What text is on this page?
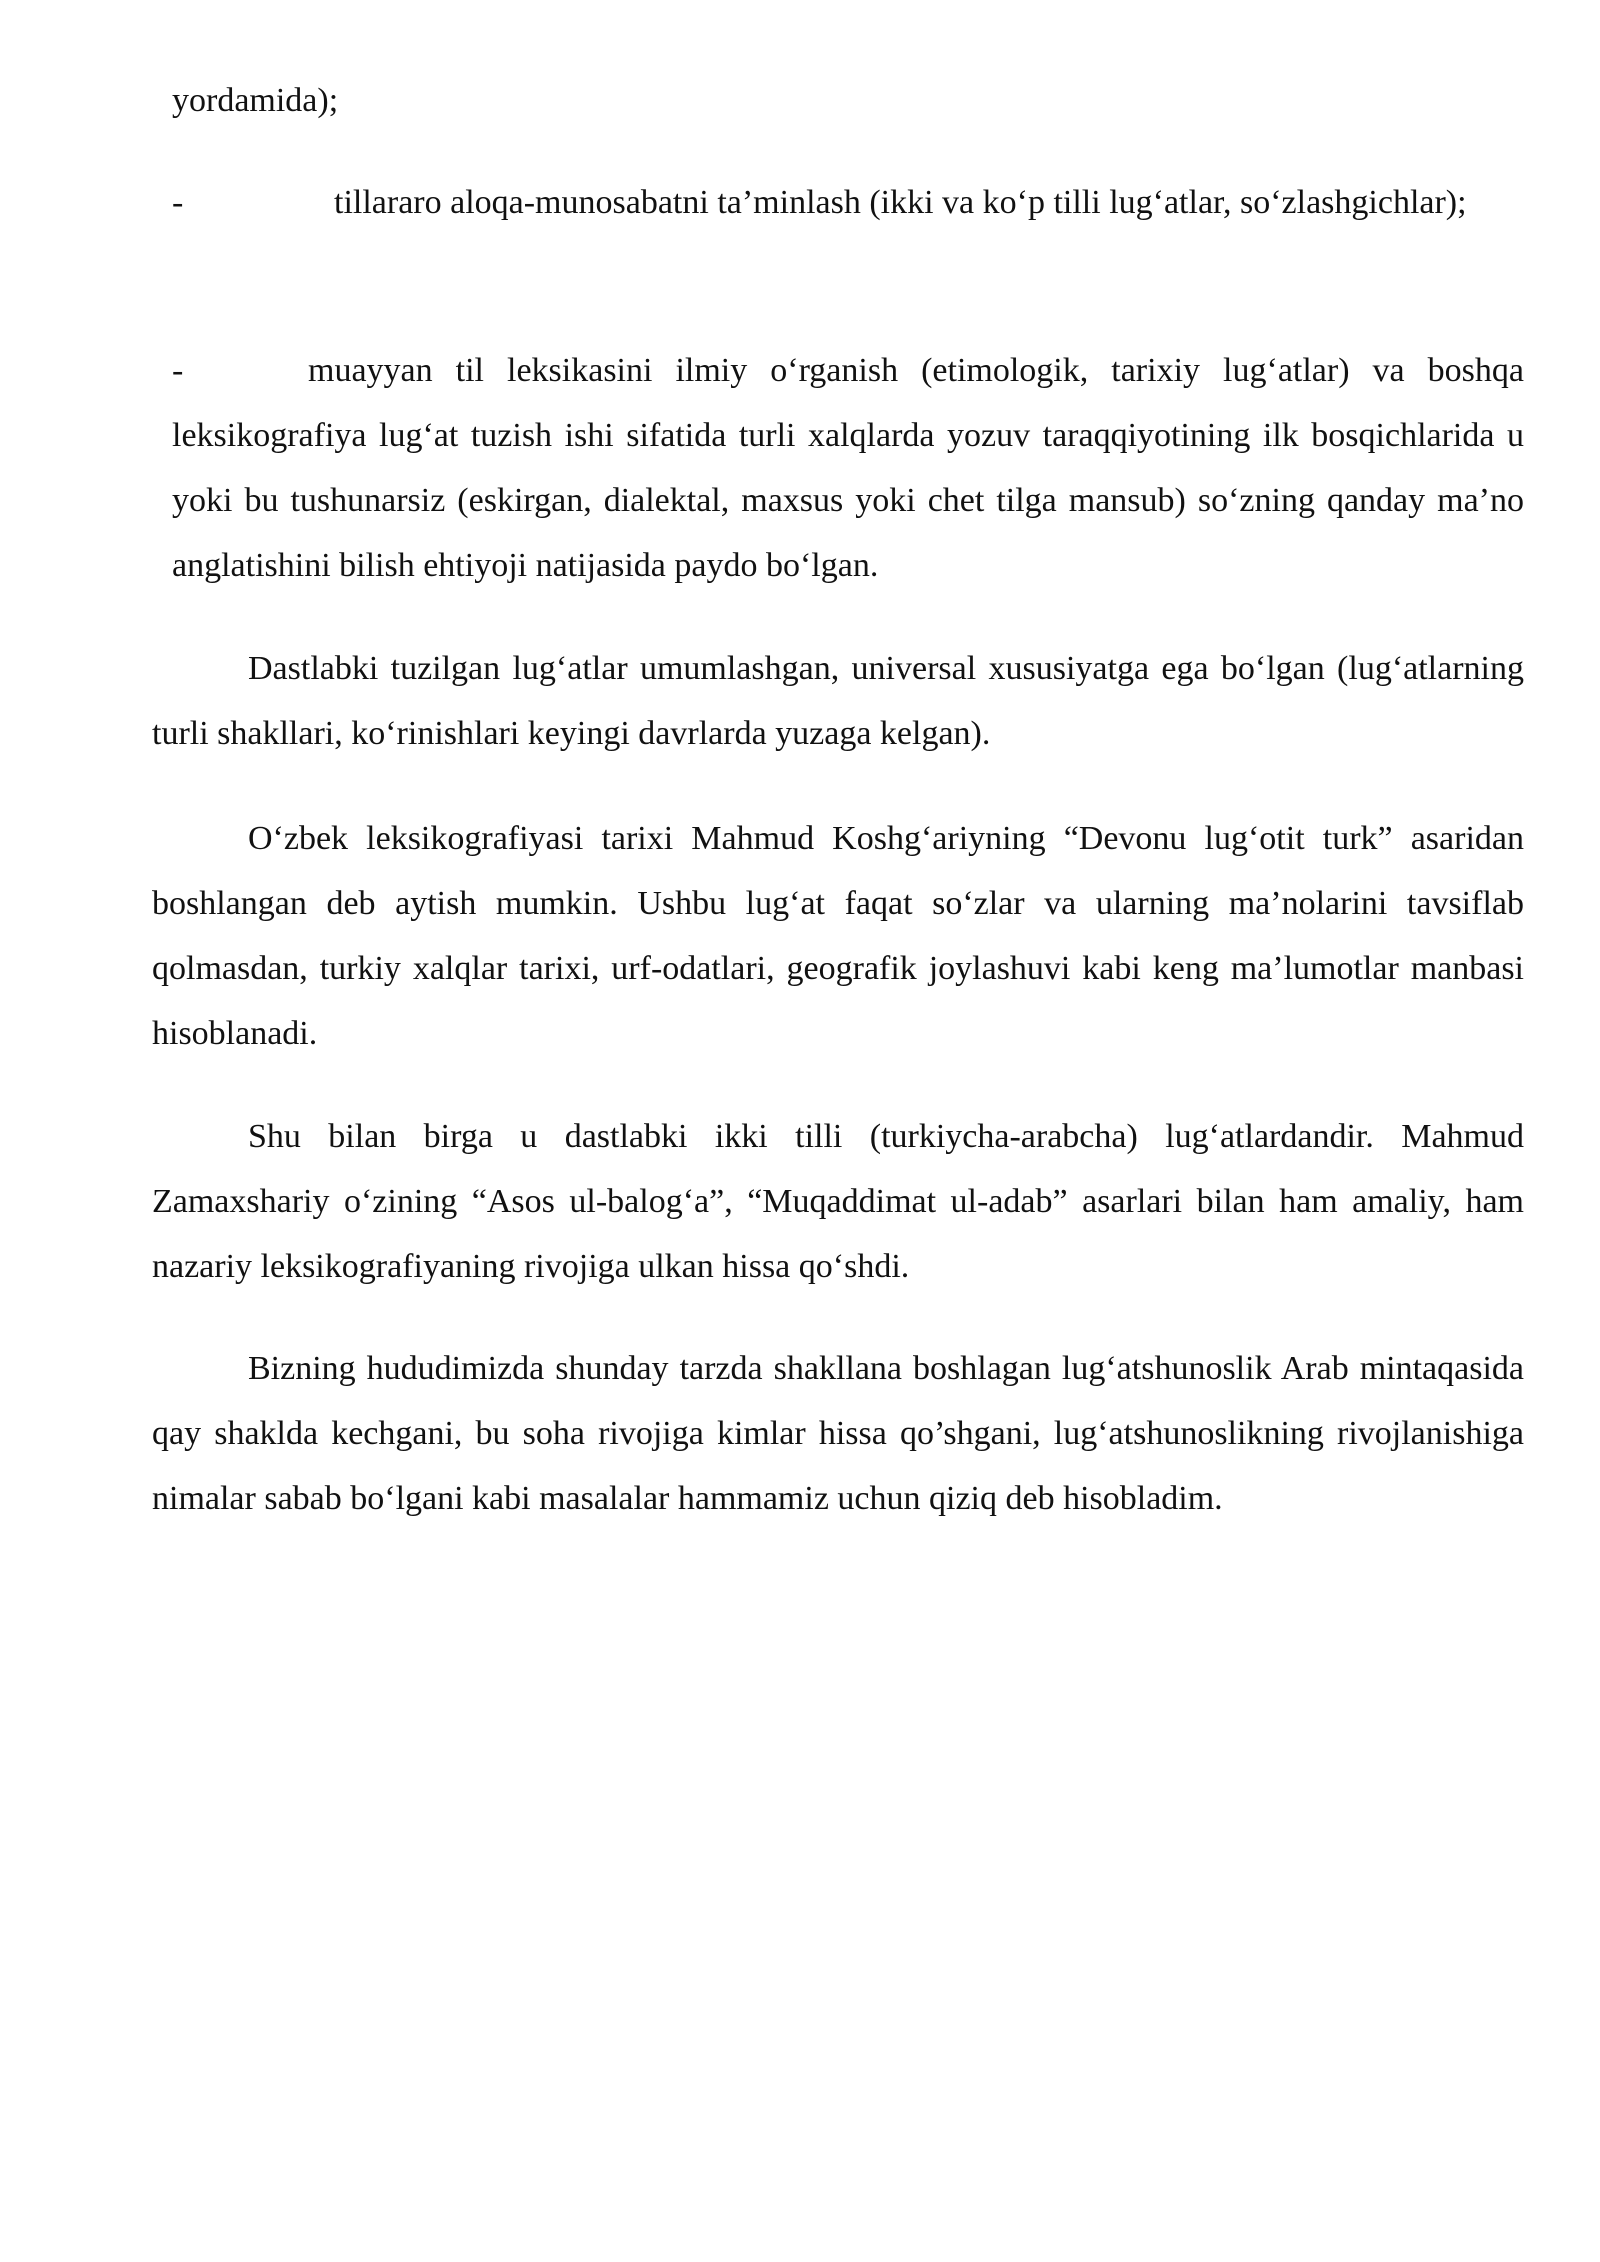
yordamida);
-	tillararo aloqa-munosabatni ta’minlash (ikki va ko‘p tilli lug‘atlar, so‘zlashgichlar);
-	muayyan til leksikasini ilmiy o‘rganish (etimologik, tarixiy lug‘atlar) va boshqa leksikografiya lug‘at tuzish ishi sifatida turli xalqlarda yozuv taraqqiyotining ilk bosqichlarida u yoki bu tushunarsiz (eskirgan, dialektal, maxsus yoki chet tilga mansub) so‘zning qanday ma’no anglatishini bilish ehtiyoji natijasida paydo bo‘lgan.

Dastlabki tuzilgan lug‘atlar umumlashgan, universal xususiyatga ega bo‘lgan (lug‘atlarning turli shakllari, ko‘rinishlari keyingi davrlarda yuzaga kelgan).

O‘zbek leksikografiyasi tarixi Mahmud Koshg‘ariyning “Devonu lug‘otit turk” asaridan boshlangan deb aytish mumkin. Ushbu lug‘at faqat so‘zlar va ularning ma’nolarini tavsiflab qolmasdan, turkiy xalqlar tarixi, urf-odatlari, geografik joylashuvi kabi keng ma’lumotlar manbasi hisoblanadi.

Shu bilan birga u dastlabki ikki tilli (turkiycha-arabcha) lug‘atlardandir. Mahmud Zamaxshariy o‘zining “Asos ul-balog‘a”, “Muqaddimat ul-adab” asarlari bilan ham amaliy, ham nazariy leksikografiyaning rivojiga ulkan hissa qo‘shdi.

Bizning hududimizda shunday tarzda shakllana boshlagan lug‘atshunoslik Arab mintaqasida qay shaklda kechgani, bu soha rivojiga kimlar hissa qo’shgani, lug‘atshunoslikning rivojlanishiga nimalar sabab bo‘lgani kabi masalalar hammamiz uchun qiziq deb hisobladim.
